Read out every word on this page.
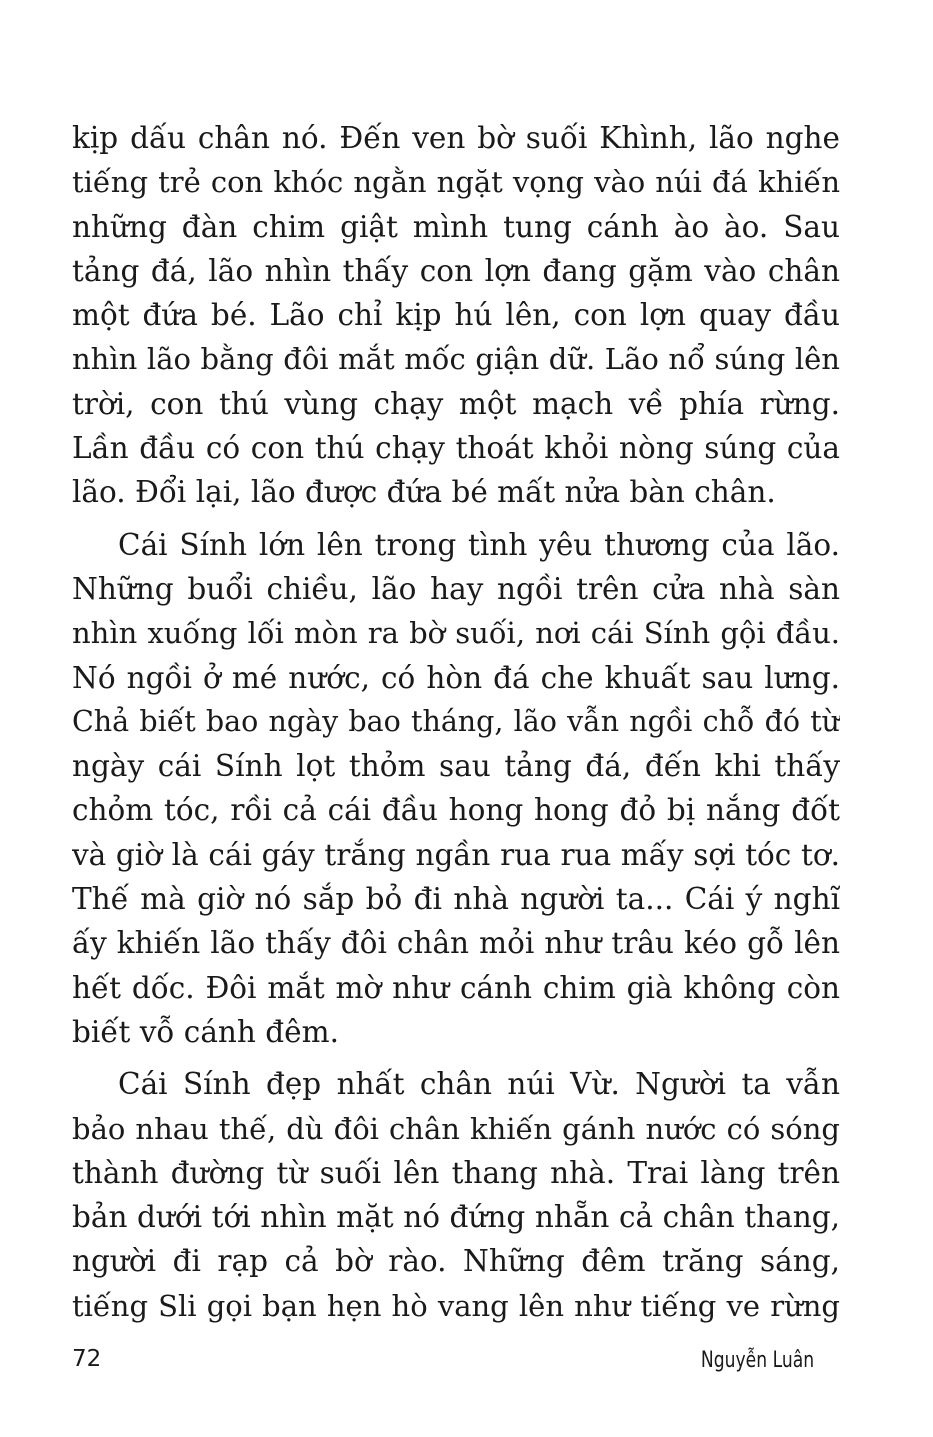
kịp dấu chân nó. Đến ven bờ suối Khình, lão nghe
tiếng trẻ con khóc ngằn ngặt vọng vào núi đá khiến
những đàn chim giật mình tung cánh ào ào. Sau
tảng đá, lão nhìn thấy con lợn đang gặm vào chân
một đứa bé. Lão chỉ kịp hú lên, con lợn quay đầu
nhìn lão bằng đôi mắt mốc giận dữ. Lão nổ súng lên
trời, con thú vùng chạy một mạch về phía rừng.
Lần đầu có con thú chạy thoát khỏi nòng súng của
lão. Đổi lại, lão được đứa bé mất nửa bàn chân.
Cái Sính lớn lên trong tình yêu thương của lão.
Những buổi chiều, lão hay ngồi trên cửa nhà sàn
nhìn xuống lối mòn ra bờ suối, nơi cái Sính gội đầu.
Nó ngồi ở mé nước, có hòn đá che khuất sau lưng.
Chả biết bao ngày bao tháng, lão vẫn ngồi chỗ đó từ
ngày cái Sính lọt thỏm sau tảng đá, đến khi thấy
chỏm tóc, rồi cả cái đầu hong hong đỏ bị nắng đốt
và giờ là cái gáy trắng ngần rua rua mấy sợi tóc tơ.
Thế mà giờ nó sắp bỏ đi nhà người ta... Cái ý nghĩ
ấy khiến lão thấy đôi chân mỏi như trâu kéo gỗ lên
hết dốc. Đôi mắt mờ như cánh chim già không còn
biết vỗ cánh đêm.
Cái Sính đẹp nhất chân núi Vừ. Người ta vẫn
bảo nhau thế, dù đôi chân khiến gánh nước có sóng
thành đường từ suối lên thang nhà. Trai làng trên
bản dưới tới nhìn mặt nó đứng nhẵn cả chân thang,
người đi rạp cả bờ rào. Những đêm trăng sáng,
tiếng Sli gọi bạn hẹn hò vang lên như tiếng ve rừng
72	Nguyễn Luân
